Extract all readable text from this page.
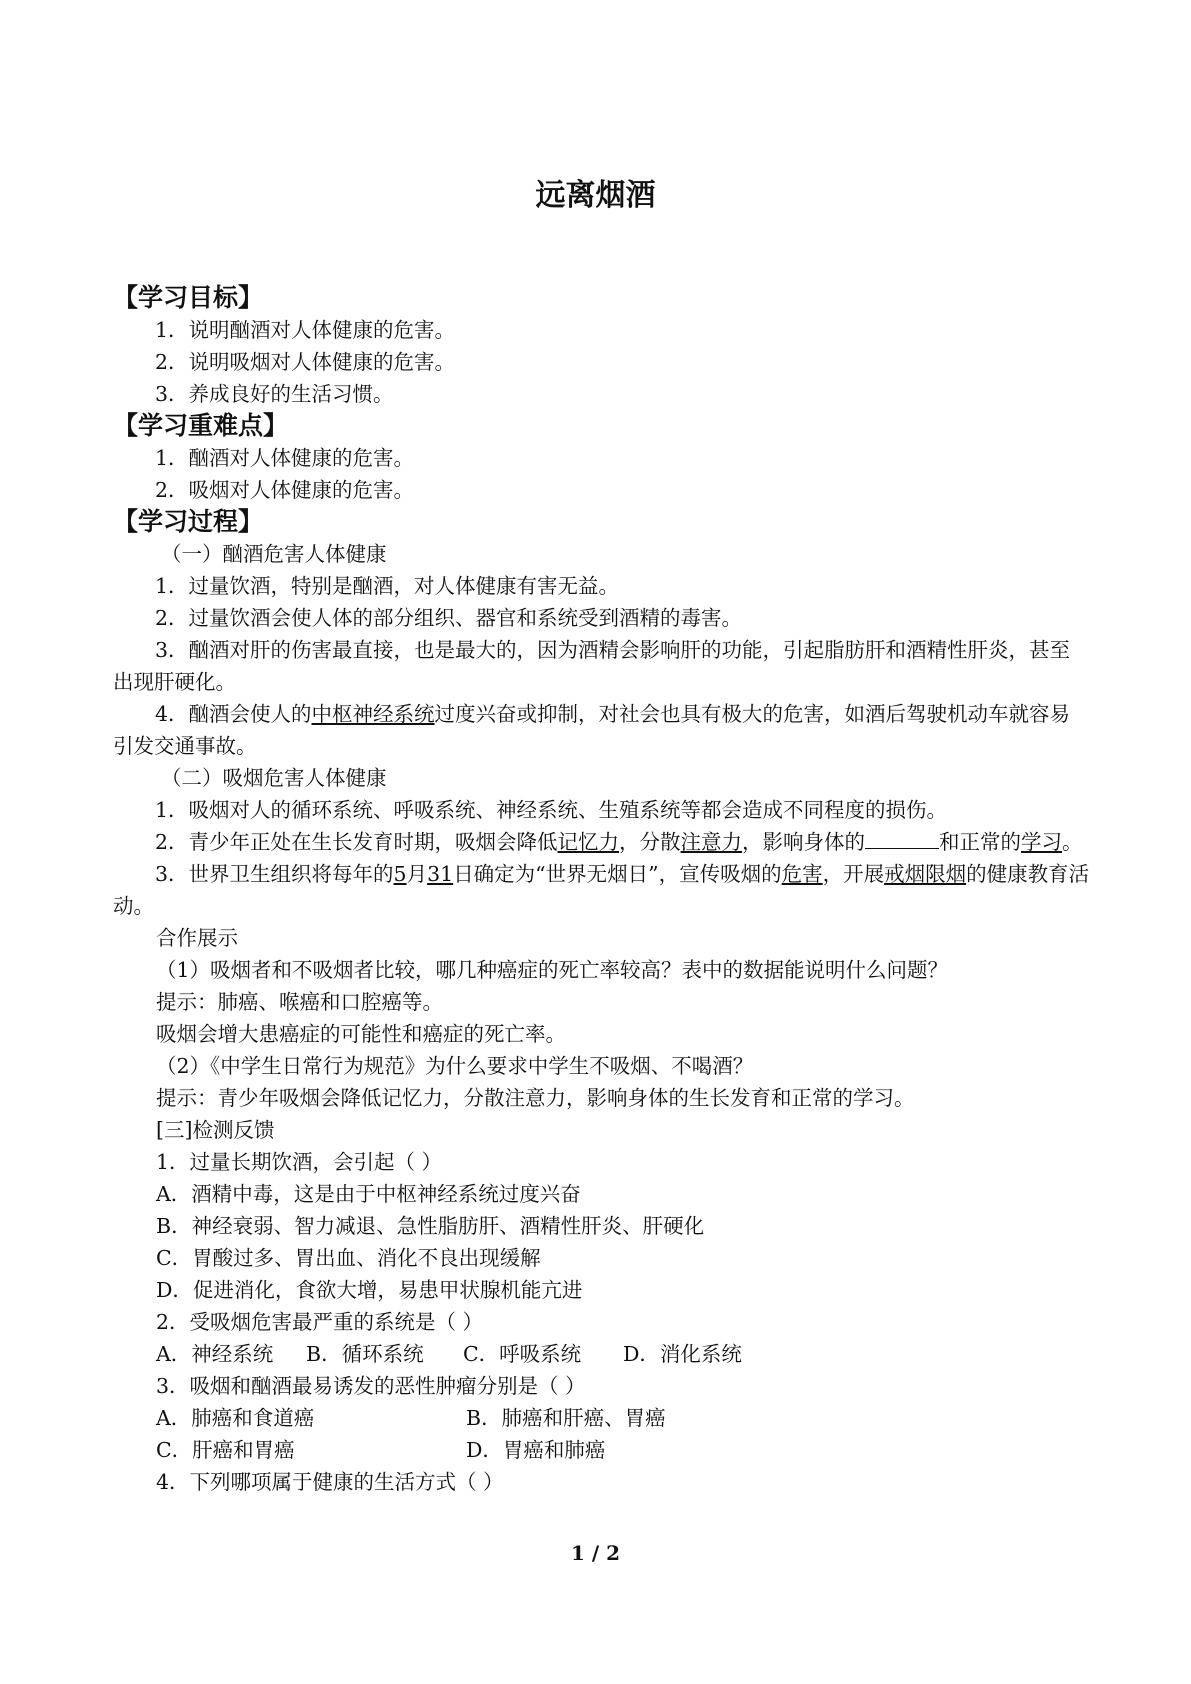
远离烟酒
【学习目标】
1．说明酗酒对人体健康的危害。
2．说明吸烟对人体健康的危害。
3．养成良好的生活习惯。
【学习重难点】
1．酗酒对人体健康的危害。
2．吸烟对人体健康的危害。
【学习过程】
（一）酗酒危害人体健康
1．过量饮酒，特别是酗酒，对人体健康有害无益。
2．过量饮酒会使人体的部分组织、器官和系统受到酒精的毒害。
3．酗酒对肝的伤害最直接，也是最大的，因为酒精会影响肝的功能，引起脂肪肝和酒精性肝炎，甚至出现肝硬化。
4．酗酒会使人的中枢神经系统过度兴奋或抑制，对社会也具有极大的危害，如酒后驾驶机动车就容易引发交通事故。
（二）吸烟危害人体健康
1．吸烟对人的循环系统、呼吸系统、神经系统、生殖系统等都会造成不同程度的损伤。
2．青少年正处在生长发育时期，吸烟会降低记忆力，分散注意力，影响身体的	和正常的学习。
3．世界卫生组织将每年的5月31日确定为“世界无烟日”，宣传吸烟的危害，开展戒烟限烟的健康教育活动。
合作展示
（1）吸烟者和不吸烟者比较，哪几种癌症的死亡率较高？表中的数据能说明什么问题？
提示：肺癌、喉癌和口腔癌等。
吸烟会增大患癌症的可能性和癌症的死亡率。
（2）《中学生日常行为规范》为什么要求中学生不吸烟、不喝酒？
提示：青少年吸烟会降低记忆力，分散注意力，影响身体的生长发育和正常的学习。
[三]检测反馈
1．过量长期饮酒，会引起（ ）
A．酒精中毒，这是由于中枢神经系统过度兴奋
B．神经衰弱、智力减退、急性脂肪肝、酒精性肝炎、肝硬化
C．胃酸过多、胃出血、消化不良出现缓解
D．促进消化，食欲大增，易患甲状腺机能亢进
2．受吸烟危害最严重的系统是（ ）
A．神经系统 B．循环系统 C．呼吸系统 D．消化系统
3．吸烟和酗酒最易诱发的恶性肿瘤分别是（ ）
A．肺癌和食道癌	B．肺癌和肝癌、胃癌
C．肝癌和胃癌	D．胃癌和肺癌
4．下列哪项属于健康的生活方式（ ）
1 / 2
